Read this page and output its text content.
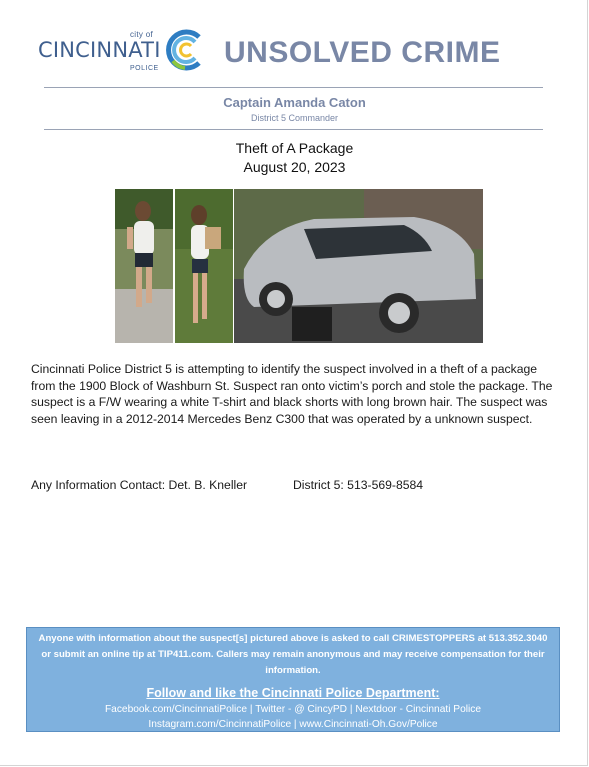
city of
CINCINNATI
POLICE UNSOLVED CRIME
Captain Amanda Caton
District 5 Commander
Theft of A Package
August 20, 2023
Cincinnati Police District 5 is attempting to identify the suspect involved in a theft of a package from the 1900 Block of Washburn St. Suspect ran onto victim’s porch and stole the package. The suspect is a F/W wearing a white T-shirt and black shorts with long brown hair. The suspect was seen leaving in a 2012-2014 Mercedes Benz C300 that was operated by a unknown suspect.
Any Information Contact: Det. B. Kneller	District 5: 513-569-8584
Anyone with information about the suspect[s] pictured above is asked to call CRIMESTOPPERS at 513.352.3040 or submit an online tip at TIP411.com. Callers may remain anonymous and may receive compensation for their information.
Follow and like the Cincinnati Police Department:
Facebook.com/CincinnatiPolice | Twitter - @ CincyPD | Nextdoor - Cincinnati Police
Instagram.com/CincinnatiPolice | www.Cincinnati-Oh.Gov/Police
